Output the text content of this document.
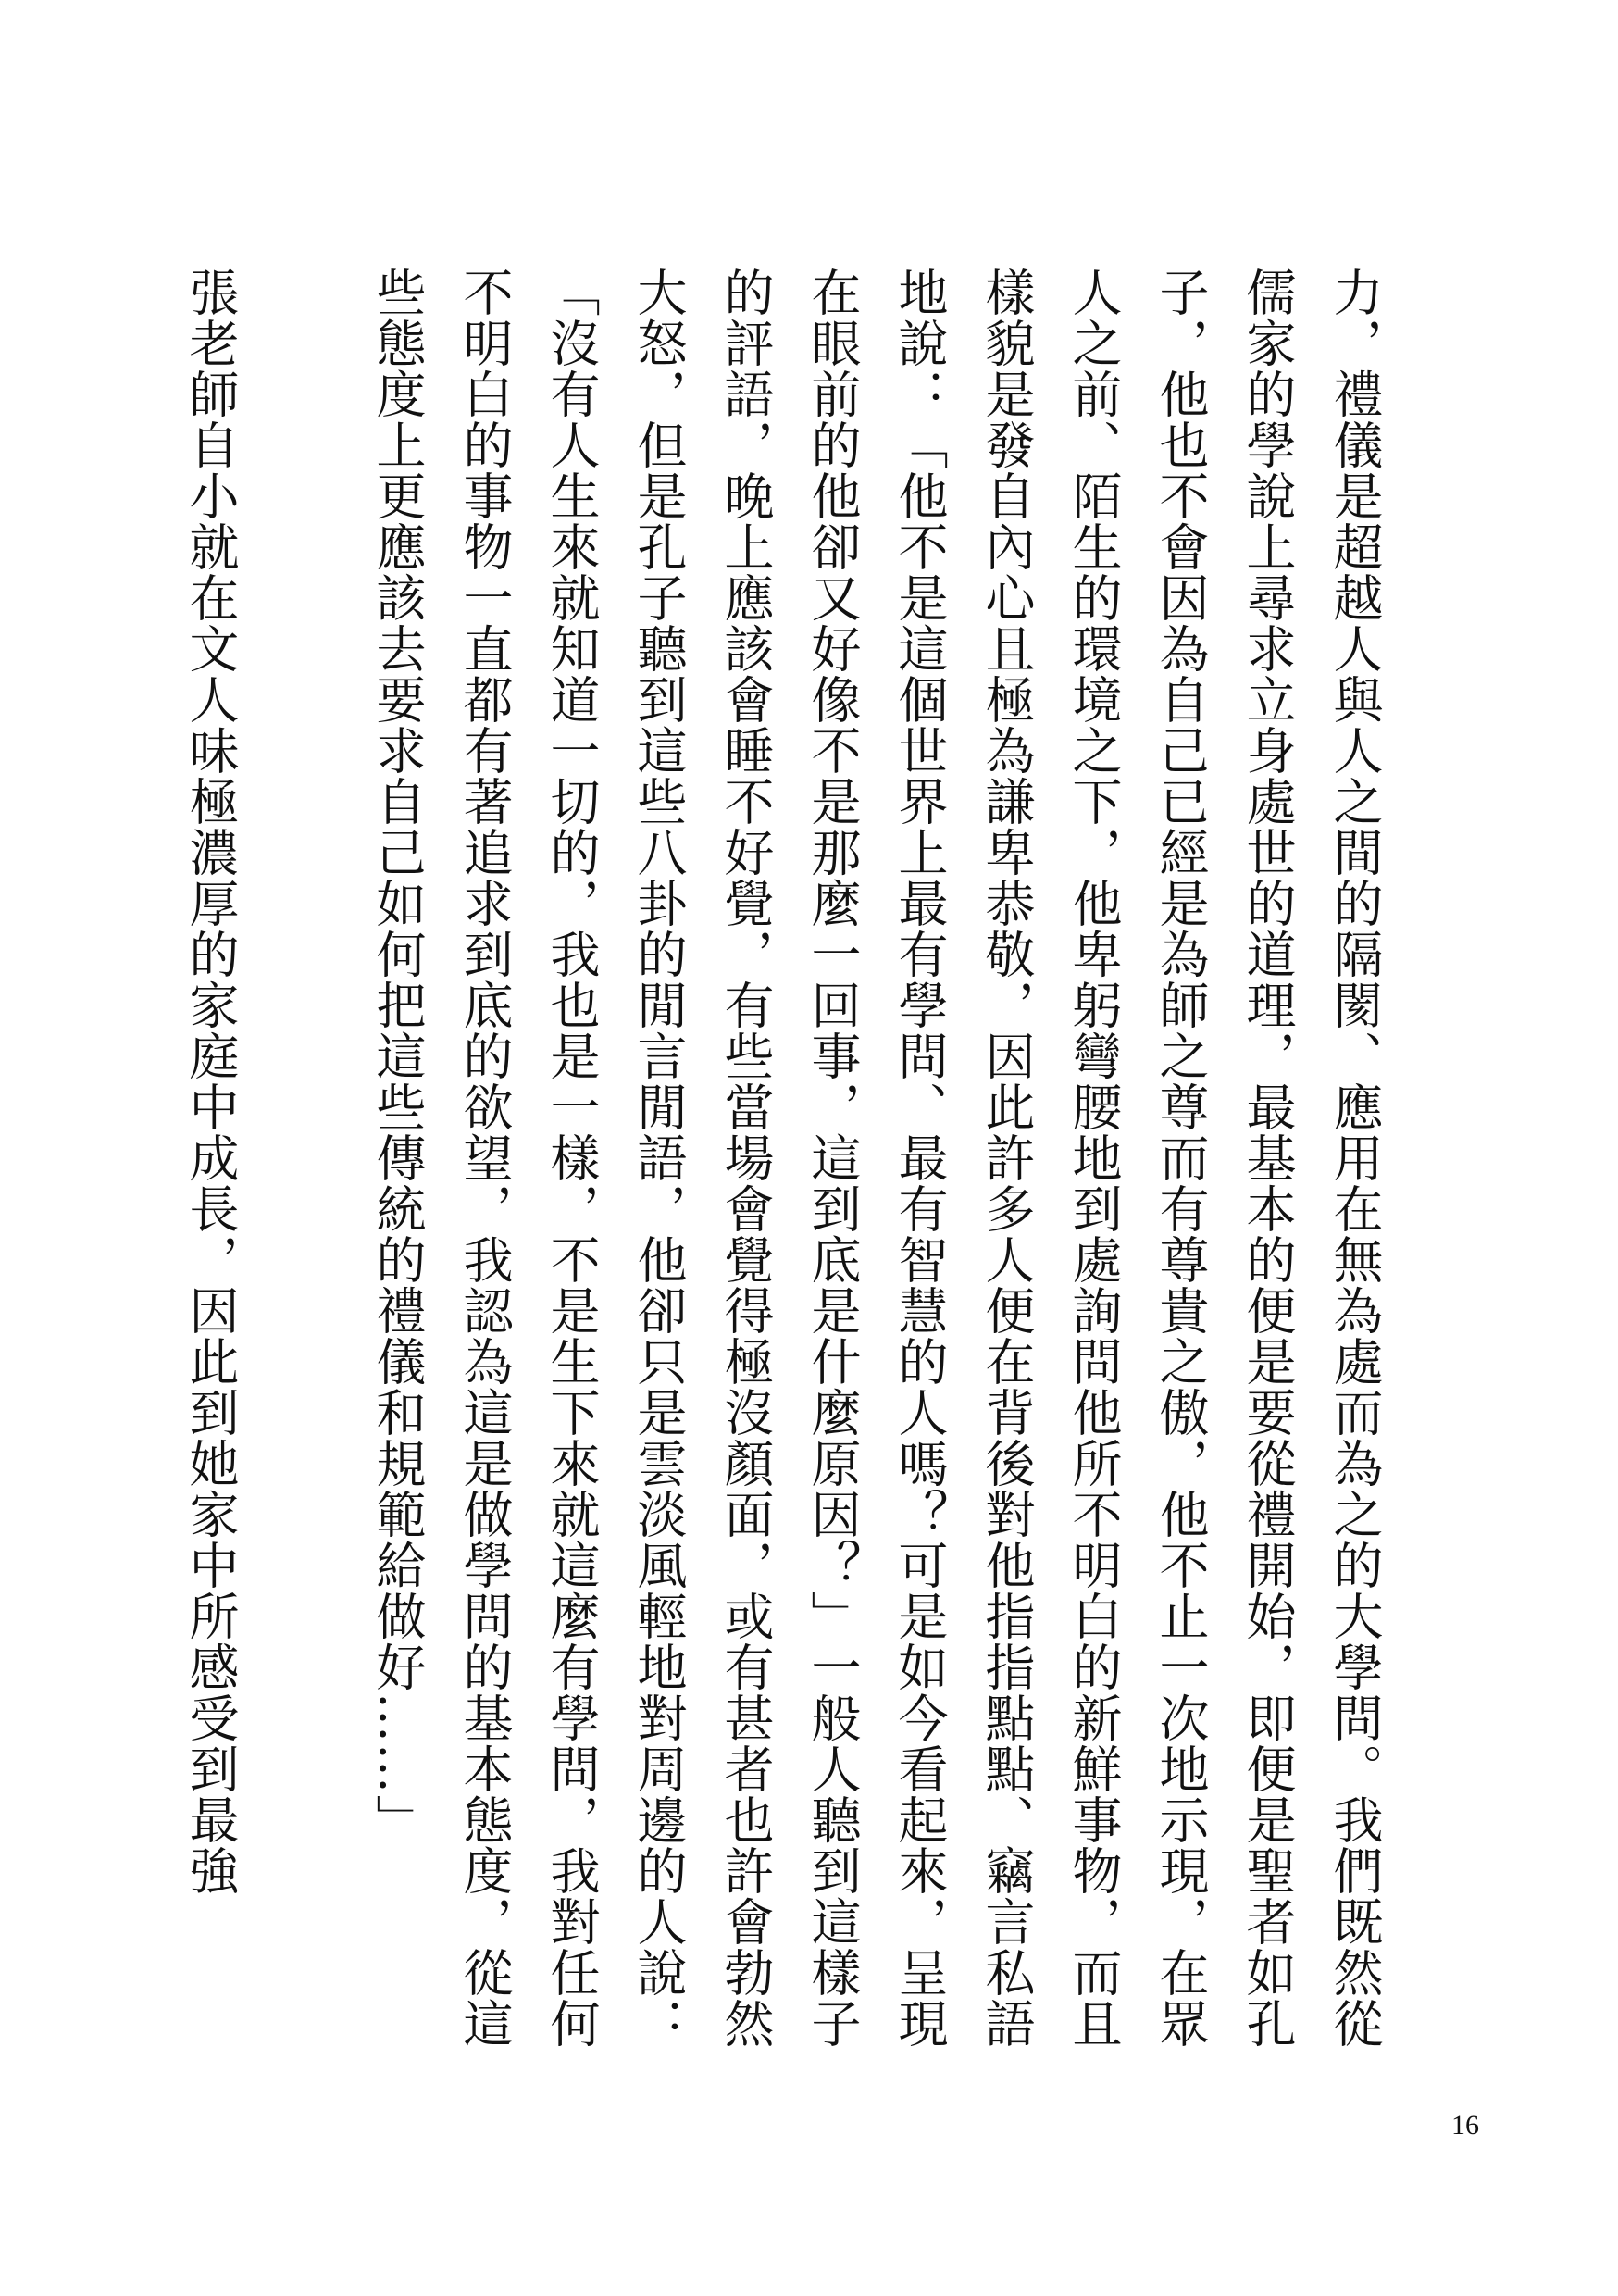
力，禮儀是超越人與人之間的隔閡、應用在無為處而為之的大學問。我們既然從
儒家的學說上尋求立身處世的道理，最基本的便是要從禮開始，即便是聖者如孔
子，他也不會因為自己已經是為師之尊而有尊貴之傲，他不止一次地示現，在眾
人之前、陌生的環境之下，他卑躬彎腰地到處詢問他所不明白的新鮮事物，而且
樣貌是發自內心且極為謙卑恭敬，因此許多人便在背後對他指指點點、竊言私語
地說：「他不是這個世界上最有學問、最有智慧的人嗎？可是如今看起來，呈現
在眼前的他卻又好像不是那麼一回事，這到底是什麼原因？」一般人聽到這樣子
的評語，晚上應該會睡不好覺，有些當場會覺得極沒顏面，或有甚者也許會勃然
大怒，但是孔子聽到這些八卦的閒言閒語，他卻只是雲淡風輕地對周邊的人說：
「沒有人生來就知道一切的，我也是一樣，不是生下來就這麼有學問，我對任何
不明白的事物一直都有著追求到底的欲望，我認為這是做學問的基本態度，從這
些態度上更應該去要求自己如何把這些傳統的禮儀和規範給做好……」
張老師自小就在文人味極濃厚的家庭中成長，因此到她家中所感受到最強
16
